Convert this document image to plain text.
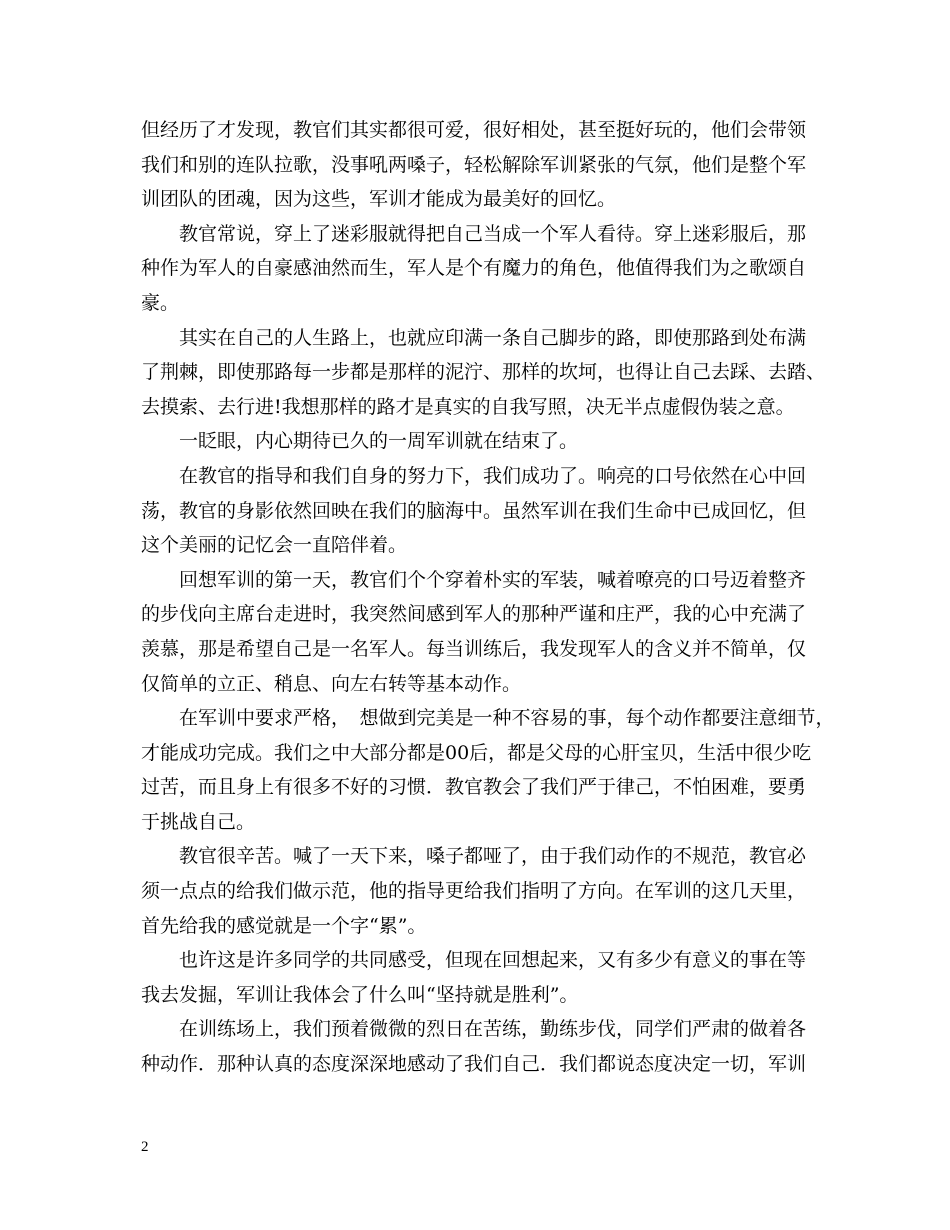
但经历了才发现，教官们其实都很可爱，很好相处，甚至挺好玩的，他们会带领
我们和别的连队拉歌，没事吼两嗓子，轻松解除军训紧张的气氛，他们是整个军
训团队的团魂，因为这些，军训才能成为最美好的回忆。
教官常说，穿上了迷彩服就得把自己当成一个军人看待。穿上迷彩服后，那
种作为军人的自豪感油然而生，军人是个有魔力的角色，他值得我们为之歌颂自
豪。
其实在自己的人生路上，也就应印满一条自己脚步的路，即使那路到处布满
了荆棘，即使那路每一步都是那样的泥泞、那样的坎坷，也得让自己去踩、去踏、
去摸索、去行进!我想那样的路才是真实的自我写照，决无半点虚假伪装之意。
一眨眼，内心期待已久的一周军训就在结束了。
在教官的指导和我们自身的努力下，我们成功了。响亮的口号依然在心中回
荡，教官的身影依然回映在我们的脑海中。虽然军训在我们生命中已成回忆，但
这个美丽的记忆会一直陪伴着。
回想军训的第一天，教官们个个穿着朴实的军装，喊着嘹亮的口号迈着整齐
的步伐向主席台走进时，我突然间感到军人的那种严谨和庄严，我的心中充满了
羡慕，那是希望自己是一名军人。每当训练后，我发现军人的含义并不简单，仅
仅简单的立正、稍息、向左右转等基本动作。
在军训中要求严格，　想做到完美是一种不容易的事，每个动作都要注意细节，
才能成功完成。我们之中大部分都是00后，都是父母的心肝宝贝，生活中很少吃
过苦，而且身上有很多不好的习惯．教官教会了我们严于律己，不怕困难，要勇
于挑战自己。
教官很辛苦。喊了一天下来，嗓子都哑了，由于我们动作的不规范，教官必
须一点点的给我们做示范，他的指导更给我们指明了方向。在军训的这几天里，
首先给我的感觉就是一个字“累”。
也许这是许多同学的共同感受，但现在回想起来，又有多少有意义的事在等
我去发掘，军训让我体会了什么叫“坚持就是胜利”。
在训练场上，我们预着微微的烈日在苦练，勤练步伐，同学们严肃的做着各
种动作．那种认真的态度深深地感动了我们自己．我们都说态度决定一切，军训
2
